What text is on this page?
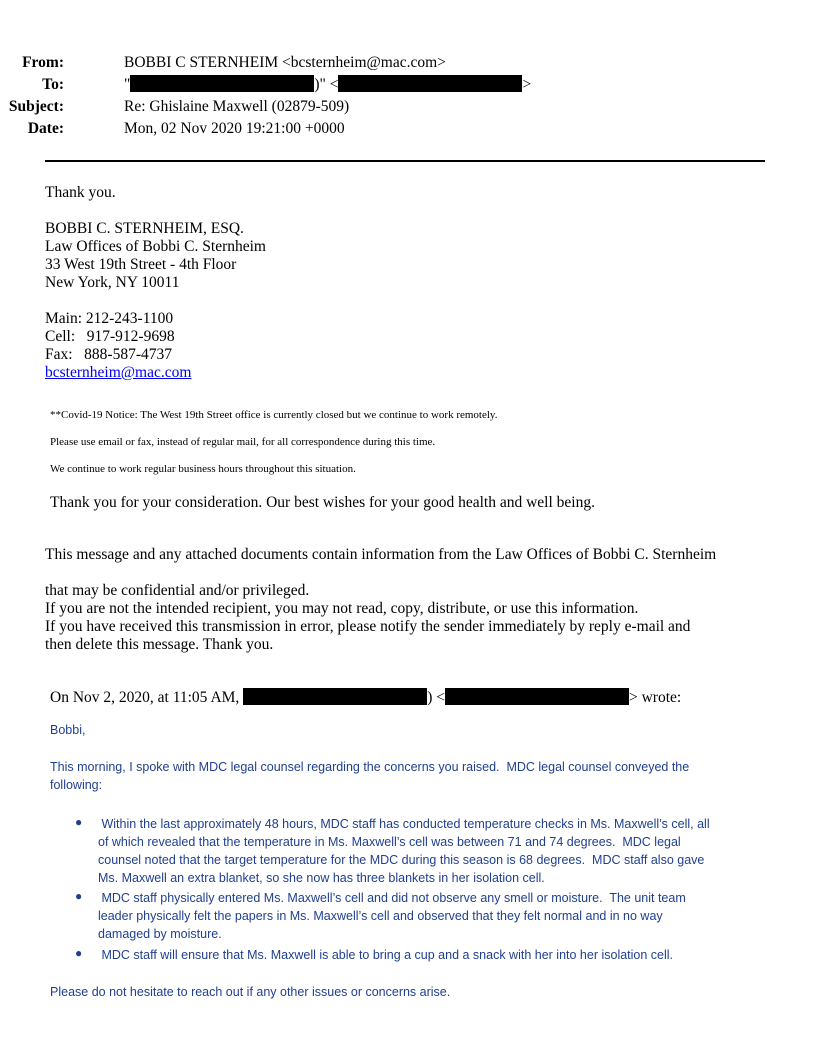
From:	BOBBI C STERNHEIM <bcsternheim@mac.com>
To:	"	)" <	>
Subject:	Re: Ghislaine Maxwell (02879-509)
Date:	Mon, 02 Nov 2020 19:21:00 +0000
Thank you.
BOBBI C. STERNHEIM, ESQ.
Law Offices of Bobbi C. Sternheim
33 West 19th Street - 4th Floor
New York, NY 10011
Main: 212-243-1100
Cell:   917-912-9698
Fax:   888-587-4737
bcsternheim@mac.com
**Covid-19 Notice: The West 19th Street office is currently closed but we continue to work remotely.
Please use email or fax, instead of regular mail, for all correspondence during this time.
We continue to work regular business hours throughout this situation.
Thank you for your consideration. Our best wishes for your good health and well being.
This message and any attached documents contain information from the Law Offices of Bobbi C. Sternheim
that may be confidential and/or privileged.
If you are not the intended recipient, you may not read, copy, distribute, or use this information.
If you have received this transmission in error, please notify the sender immediately by reply e-mail and
then delete this message. Thank you.
On Nov 2, 2020, at 11:05 AM,	) <	> wrote:
Bobbi,
This morning, I spoke with MDC legal counsel regarding the concerns you raised.  MDC legal counsel conveyed the
following:
● Within the last approximately 48 hours, MDC staff has conducted temperature checks in Ms. Maxwell’s cell, all
of which revealed that the temperature in Ms. Maxwell’s cell was between 71 and 74 degrees.  MDC legal
counsel noted that the target temperature for the MDC during this season is 68 degrees.  MDC staff also gave
Ms. Maxwell an extra blanket, so she now has three blankets in her isolation cell.
● MDC staff physically entered Ms. Maxwell’s cell and did not observe any smell or moisture.  The unit team
leader physically felt the papers in Ms. Maxwell’s cell and observed that they felt normal and in no way
damaged by moisture.
● MDC staff will ensure that Ms. Maxwell is able to bring a cup and a snack with her into her isolation cell.
Please do not hesitate to reach out if any other issues or concerns arise.
